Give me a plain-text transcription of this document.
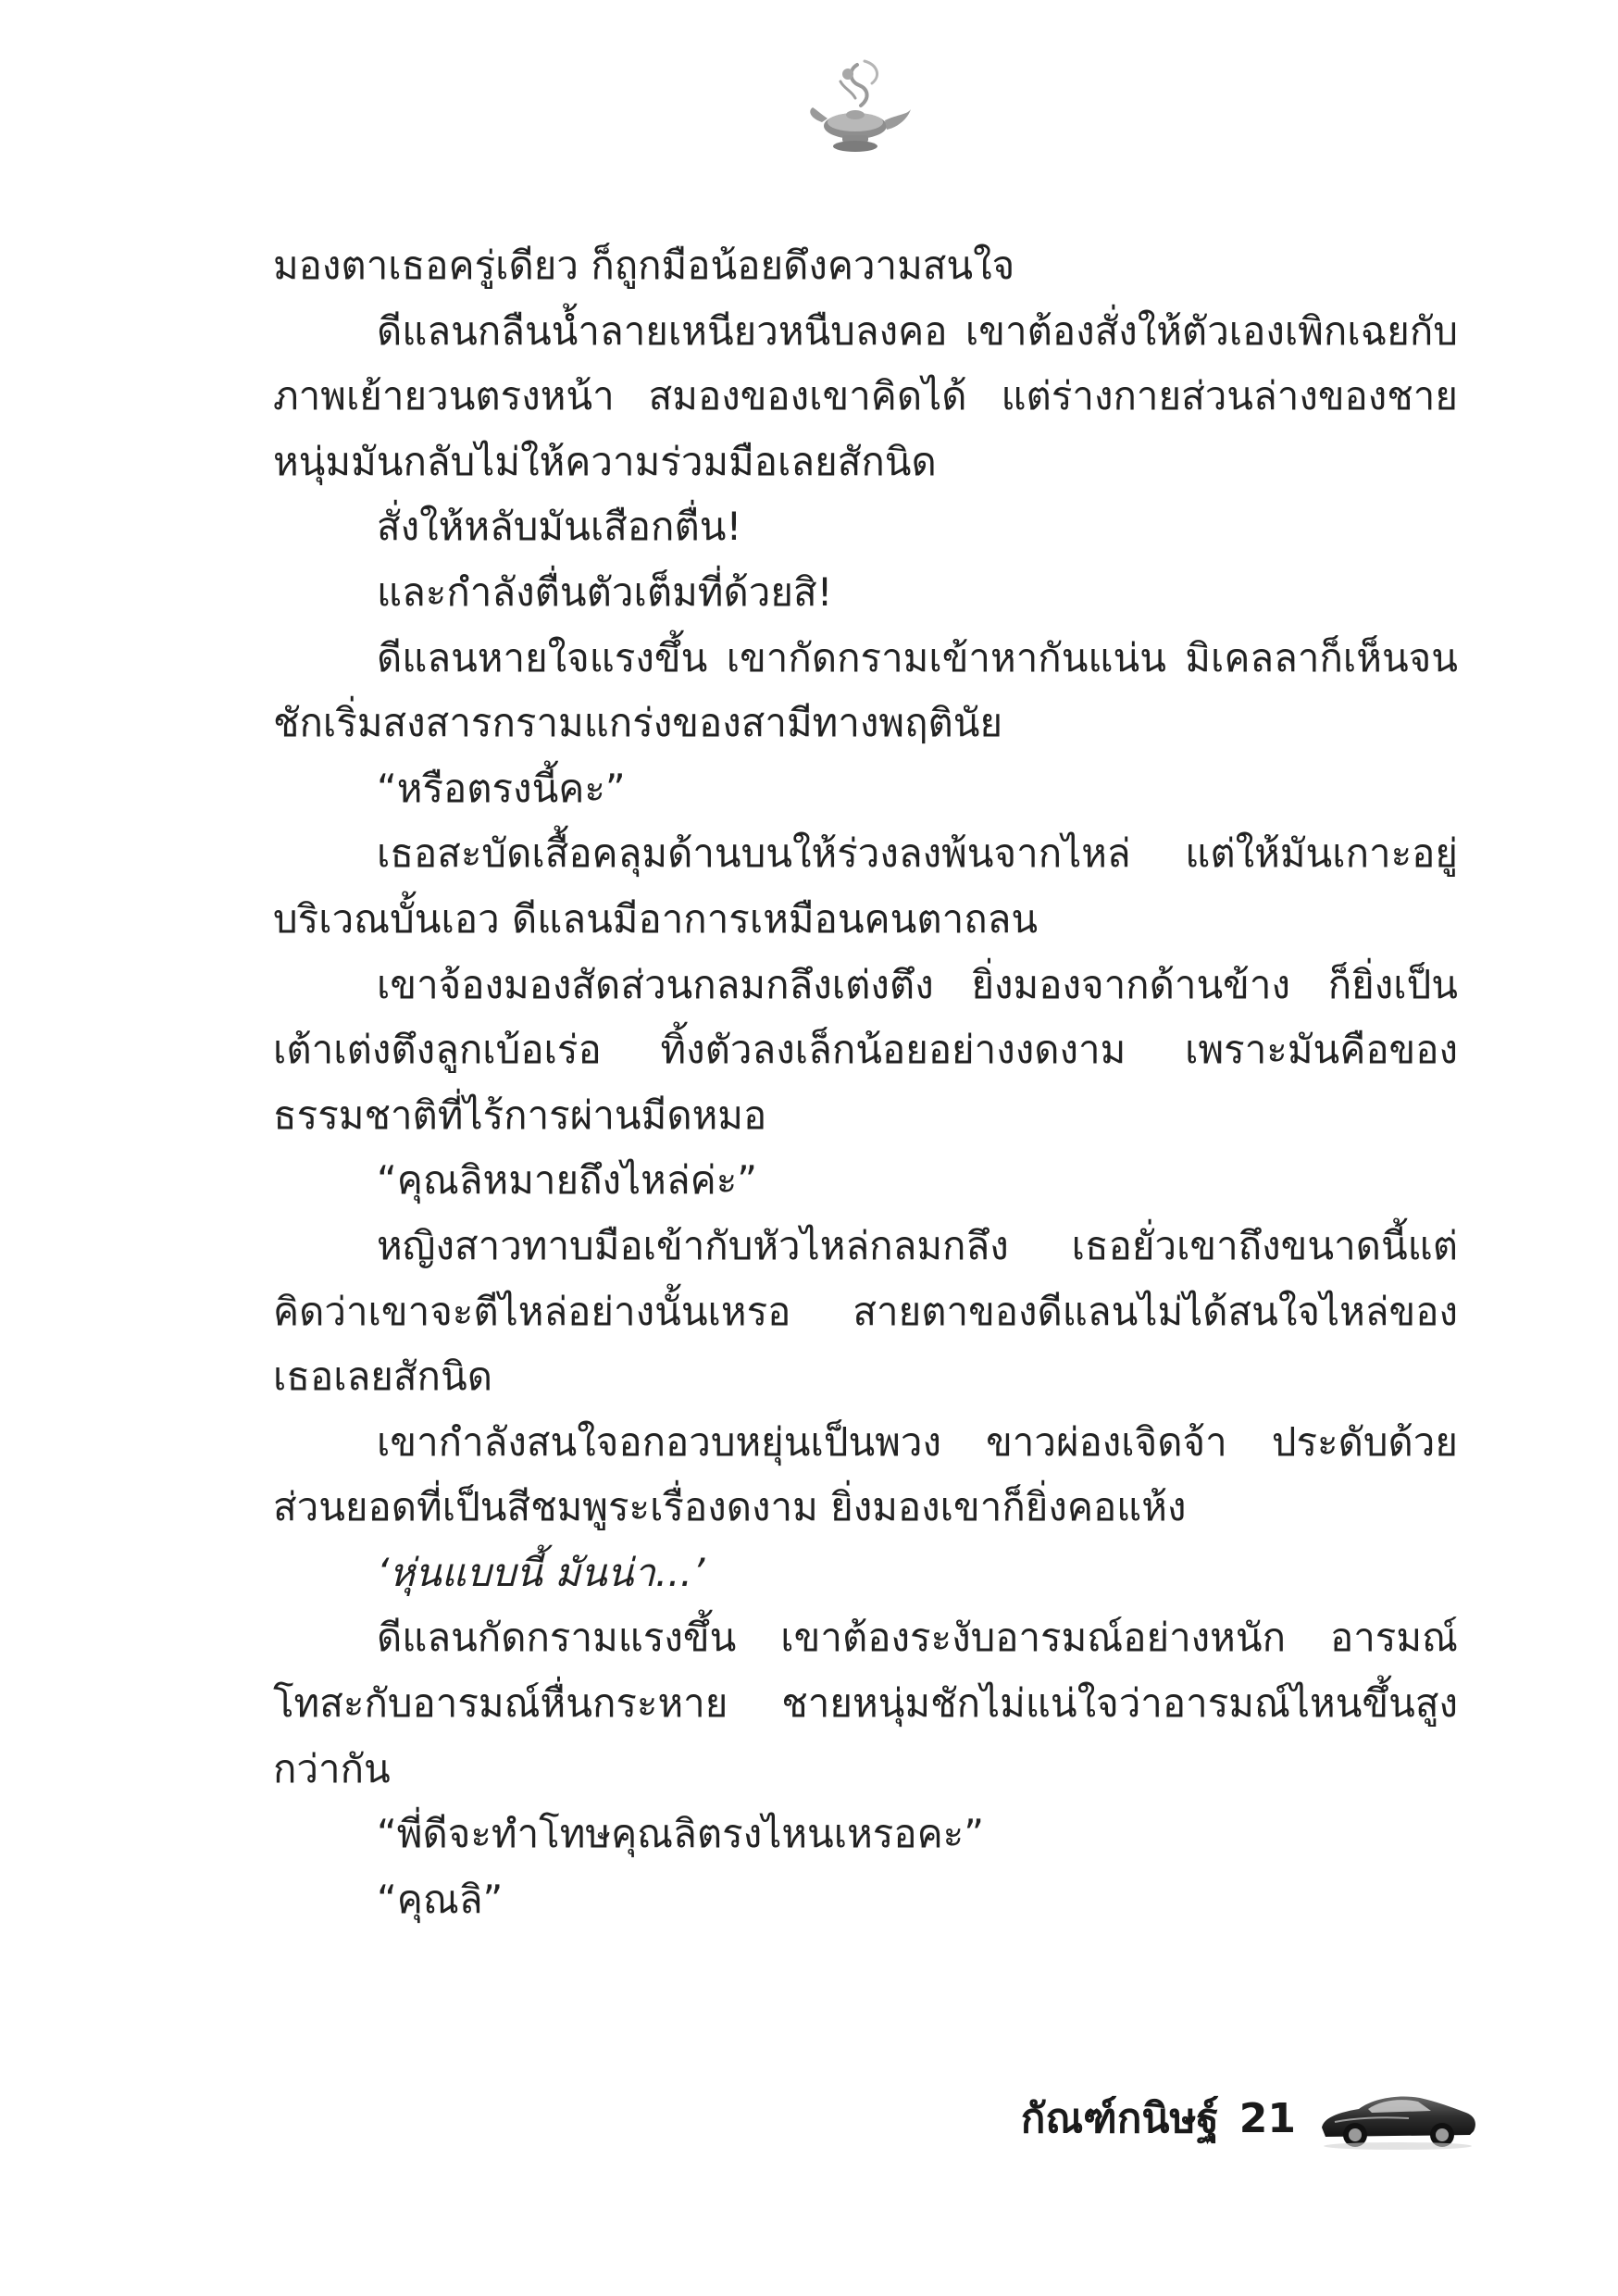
มองตาเธอครู่เดียว ก็ถูกมือน้อยดึงความสนใจ

ดีแลนกลืนน้ำลายเหนียวหนืบลงคอ เขาต้องสั่งให้ตัวเองเพิกเฉยกับภาพเย้ายวนตรงหน้า สมองของเขาคิดได้ แต่ร่างกายส่วนล่างของชายหนุ่มมันกลับไม่ให้ความร่วมมือเลยสักนิด

สั่งให้หลับมันเสือกตื่น!

และกำลังตื่นตัวเต็มที่ด้วยสิ!

ดีแลนหายใจแรงขึ้น เขากัดกรามเข้าหากันแน่น มิเคลลาก็เห็นจนชักเริ่มสงสารกรามแกร่งของสามีทางพฤตินัย

“หรือตรงนี้คะ”

เธอสะบัดเสื้อคลุมด้านบนให้ร่วงลงพ้นจากไหล่ แต่ให้มันเกาะอยู่บริเวณบั้นเอว ดีแลนมีอาการเหมือนคนตาถลน

เขาจ้องมองสัดส่วนกลมกลึงเต่งตึง ยิ่งมองจากด้านข้าง ก็ยิ่งเป็นเต้าเต่งตึงลูกเบ้อเร่อ ทิ้งตัวลงเล็กน้อยอย่างงดงาม เพราะมันคือของธรรมชาติที่ไร้การผ่านมีดหมอ

“คุณลิหมายถึงไหล่ค่ะ”

หญิงสาวทาบมือเข้ากับหัวไหล่กลมกลึง เธอยั่วเขาถึงขนาดนี้แต่คิดว่าเขาจะตีไหล่อย่างนั้นเหรอ สายตาของดีแลนไม่ได้สนใจไหล่ของเธอเลยสักนิด

เขากำลังสนใจอกอวบหยุ่นเป็นพวง ขาวผ่องเจิดจ้า ประดับด้วยส่วนยอดที่เป็นสีชมพูระเรื่องดงาม ยิ่งมองเขาก็ยิ่งคอแห้ง

‘หุ่นแบบนี้ มันน่า...’

ดีแลนกัดกรามแรงขึ้น เขาต้องระงับอารมณ์อย่างหนัก อารมณ์โทสะกับอารมณ์หื่นกระหาย ชายหนุ่มชักไม่แน่ใจว่าอารมณ์ไหนขึ้นสูงกว่ากัน

“พี่ดีจะทำโทษคุณลิตรงไหนเหรอคะ”

“คุณลิ”

กัณฑ์กนิษฐ์ 21
